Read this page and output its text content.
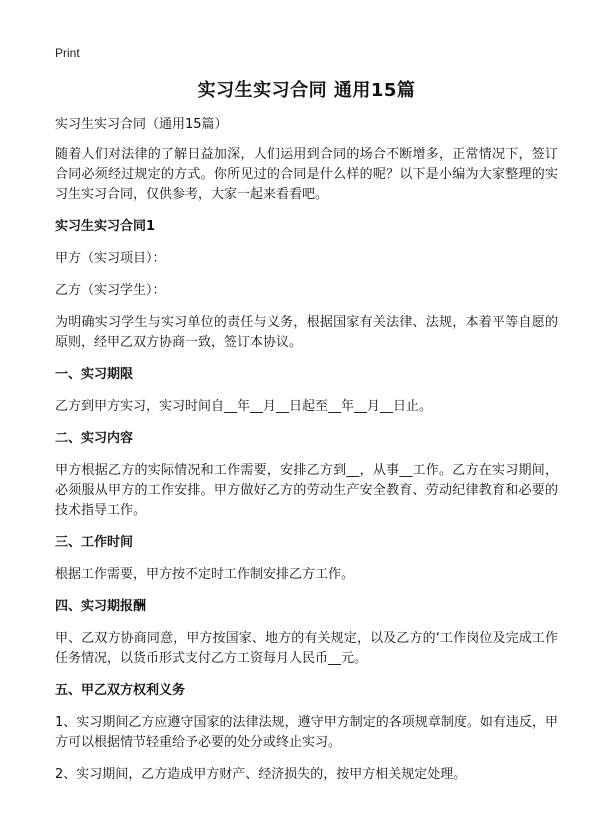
Print
实习生实习合同 通用15篇
实习生实习合同（通用15篇）

随着人们对法律的了解日益加深，人们运用到合同的场合不断增多，正常情况下，签订合同必须经过规定的方式。你所见过的合同是什么样的呢？以下是小编为大家整理的实习生实习合同，仅供参考，大家一起来看看吧。

实习生实习合同1

甲方（实习项目）：

乙方（实习学生）：

为明确实习学生与实习单位的责任与义务，根据国家有关法律、法规，本着平等自愿的原则，经甲乙双方协商一致，签订本协议。

一、实习期限

乙方到甲方实习，实习时间自__年__月__日起至__年__月__日止。

二、实习内容

甲方根据乙方的实际情况和工作需要，安排乙方到__，从事__工作。乙方在实习期间，必须服从甲方的工作安排。甲方做好乙方的劳动生产安全教育、劳动纪律教育和必要的技术指导工作。

三、工作时间

根据工作需要，甲方按不定时工作制安排乙方工作。

四、实习期报酬

甲、乙双方协商同意，甲方按国家、地方的有关规定，以及乙方的‘工作岗位及完成工作任务情况，以货币形式支付乙方工资每月人民币__元。

五、甲乙双方权利义务

1、实习期间乙方应遵守国家的法律法规，遵守甲方制定的各项规章制度。如有违反，甲方可以根据情节轻重给予必要的处分或终止实习。

2、实习期间，乙方造成甲方财产、经济损失的，按甲方相关规定处理。
